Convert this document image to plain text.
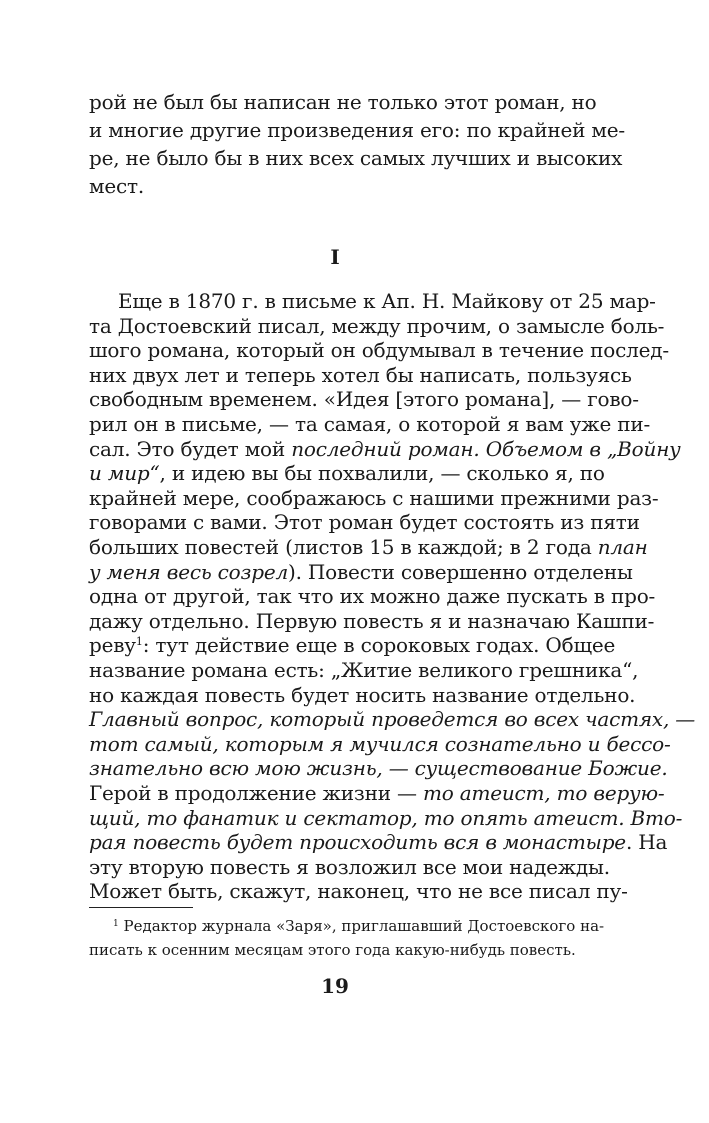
рой не был бы написан не только этот роман, но
и многие другие произведения его: по крайней ме-
ре, не было бы в них всех самых лучших и высоких
мест.
I
Еще в 1870 г. в письме к Ап. Н. Майкову от 25 мар-
та Достоевский писал, между прочим, о замысле боль-
шого романа, который он обдумывал в течение послед-
них двух лет и теперь хотел бы написать, пользуясь
свободным временем. «Идея [этого романа], — гово-
рил он в письме, — та самая, о которой я вам уже пи-
сал. Это будет мой последний роман. Объемом в „Войну
и мир“, и идею вы бы похвалили, — сколько я, по
крайней мере, соображаюсь с нашими прежними раз-
говорами с вами. Этот роман будет состоять из пяти
больших повестей (листов 15 в каждой; в 2 года план
у меня весь созрел). Повести совершенно отделены
одна от другой, так что их можно даже пускать в про-
дажу отдельно. Первую повесть я и назначаю Кашпи-
реву$^1$: тут действие еще в сороковых годах. Общее
название романа есть: „Житие великого грешника“,
но каждая повесть будет носить название отдельно.
Главный вопрос, который проведется во всех частях, —
тот самый, которым я мучился сознательно и бессо-
знательно всю мою жизнь, — существование Божие.
Герой в продолжение жизни — то атеист, то верую-
щий, то фанатик и сектатор, то опять атеист. Вто-
рая повесть будет происходить вся в монастыре. На
эту вторую повесть я возложил все мои надежды.
Может быть, скажут, наконец, что не все писал пу-
$^1$ Редактор журнала «Заря», приглашавший Достоевского на-
писать к осенним месяцам этого года какую-нибудь повесть.
19
